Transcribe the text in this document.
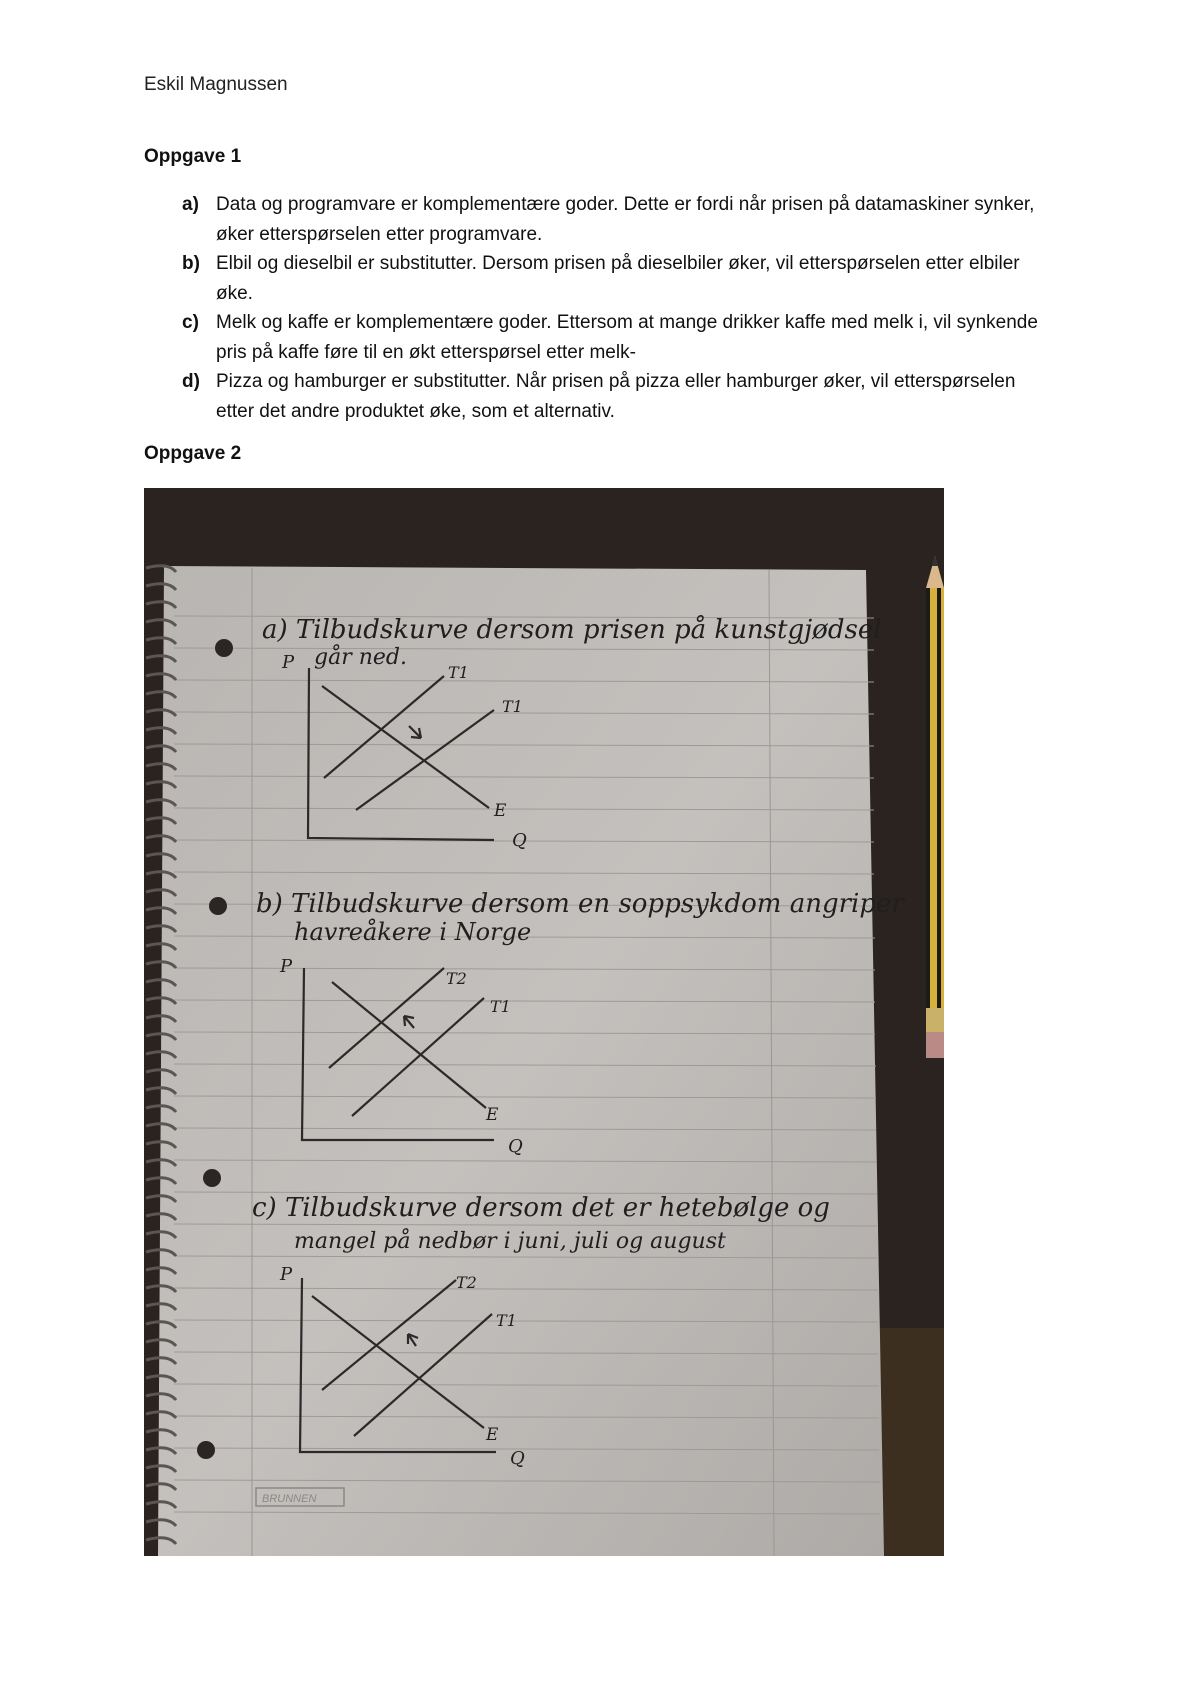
Eskil Magnussen
Oppgave 1
a) Data og programvare er komplementære goder. Dette er fordi når prisen på datamaskiner synker, øker etterspørselen etter programvare.
b) Elbil og dieselbil er substitutter. Dersom prisen på dieselbiler øker, vil etterspørselen etter elbiler øke.
c) Melk og kaffe er komplementære goder. Ettersom at mange drikker kaffe med melk i, vil synkende pris på kaffe føre til en økt etterspørsel etter melk-
d) Pizza og hamburger er substitutter. Når prisen på pizza eller hamburger øker, vil etterspørselen etter det andre produktet øke, som et alternativ.
Oppgave 2
a) Tilbudskurve dersom prisen på kunstgjødsel
går ned.
b) Tilbudskurve dersom en soppsykdom angriper
havreåkere i Norge
c) Tilbudskurve dersom det er hetebølge og
mangel på nedbør i juni, juli og august
P
Q
E
T1
T1
P
Q
E
T2
T1
P
Q
E
T2
T1
BRUNNEN
